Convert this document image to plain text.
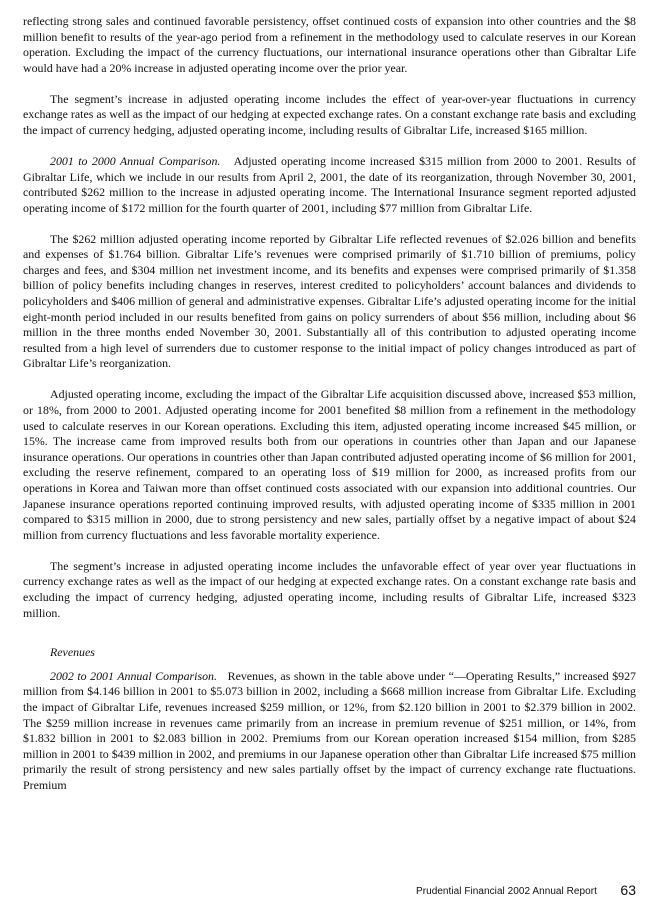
reflecting strong sales and continued favorable persistency, offset continued costs of expansion into other countries and the $8 million benefit to results of the year-ago period from a refinement in the methodology used to calculate reserves in our Korean operation. Excluding the impact of the currency fluctuations, our international insurance operations other than Gibraltar Life would have had a 20% increase in adjusted operating income over the prior year.

The segment’s increase in adjusted operating income includes the effect of year-over-year fluctuations in currency exchange rates as well as the impact of our hedging at expected exchange rates. On a constant exchange rate basis and excluding the impact of currency hedging, adjusted operating income, including results of Gibraltar Life, increased $165 million.

2001 to 2000 Annual Comparison. Adjusted operating income increased $315 million from 2000 to 2001. Results of Gibraltar Life, which we include in our results from April 2, 2001, the date of its reorganization, through November 30, 2001, contributed $262 million to the increase in adjusted operating income. The International Insurance segment reported adjusted operating income of $172 million for the fourth quarter of 2001, including $77 million from Gibraltar Life.

The $262 million adjusted operating income reported by Gibraltar Life reflected revenues of $2.026 billion and benefits and expenses of $1.764 billion. Gibraltar Life’s revenues were comprised primarily of $1.710 billion of premiums, policy charges and fees, and $304 million net investment income, and its benefits and expenses were comprised primarily of $1.358 billion of policy benefits including changes in reserves, interest credited to policyholders’ account balances and dividends to policyholders and $406 million of general and administrative expenses. Gibraltar Life’s adjusted operating income for the initial eight-month period included in our results benefited from gains on policy surrenders of about $56 million, including about $6 million in the three months ended November 30, 2001. Substantially all of this contribution to adjusted operating income resulted from a high level of surrenders due to customer response to the initial impact of policy changes introduced as part of Gibraltar Life’s reorganization.

Adjusted operating income, excluding the impact of the Gibraltar Life acquisition discussed above, increased $53 million, or 18%, from 2000 to 2001. Adjusted operating income for 2001 benefited $8 million from a refinement in the methodology used to calculate reserves in our Korean operations. Excluding this item, adjusted operating income increased $45 million, or 15%. The increase came from improved results both from our operations in countries other than Japan and our Japanese insurance operations. Our operations in countries other than Japan contributed adjusted operating income of $6 million for 2001, excluding the reserve refinement, compared to an operating loss of $19 million for 2000, as increased profits from our operations in Korea and Taiwan more than offset continued costs associated with our expansion into additional countries. Our Japanese insurance operations reported continuing improved results, with adjusted operating income of $335 million in 2001 compared to $315 million in 2000, due to strong persistency and new sales, partially offset by a negative impact of about $24 million from currency fluctuations and less favorable mortality experience.

The segment’s increase in adjusted operating income includes the unfavorable effect of year over year fluctuations in currency exchange rates as well as the impact of our hedging at expected exchange rates. On a constant exchange rate basis and excluding the impact of currency hedging, adjusted operating income, including results of Gibraltar Life, increased $323 million.

Revenues

2002 to 2001 Annual Comparison. Revenues, as shown in the table above under “—Operating Results,” increased $927 million from $4.146 billion in 2001 to $5.073 billion in 2002, including a $668 million increase from Gibraltar Life. Excluding the impact of Gibraltar Life, revenues increased $259 million, or 12%, from $2.120 billion in 2001 to $2.379 billion in 2002. The $259 million increase in revenues came primarily from an increase in premium revenue of $251 million, or 14%, from $1.832 billion in 2001 to $2.083 billion in 2002. Premiums from our Korean operation increased $154 million, from $285 million in 2001 to $439 million in 2002, and premiums in our Japanese operation other than Gibraltar Life increased $75 million primarily the result of strong persistency and new sales partially offset by the impact of currency exchange rate fluctuations. Premium

Prudential Financial 2002 Annual Report 63
